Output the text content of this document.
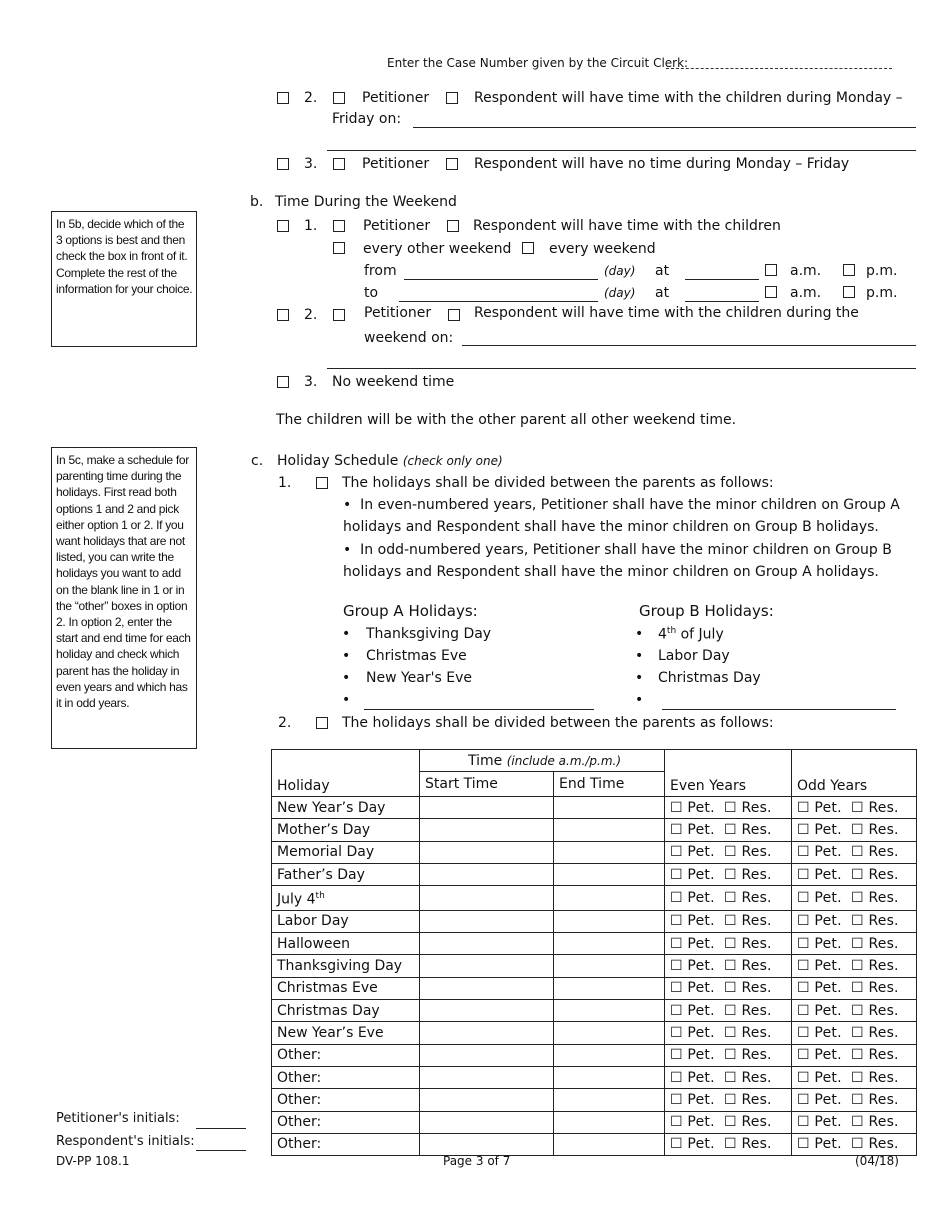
Enter the Case Number given by the Circuit Clerk:
2.	Petitioner	Respondent will have time with the children during Monday –
Friday on:
3.	Petitioner	Respondent will have no time during Monday – Friday
b. Time During the Weekend
In 5b, decide which of the 3 options is best and then check the box in front of it. Complete the rest of the information for your choice.
1.	Petitioner	Respondent will have time with the children
every other weekend	every weekend
from	(day) at	a.m.	p.m.
to	(day) at	a.m.	p.m.
2.	Petitioner	Respondent will have time with the children during the
weekend on:
3. No weekend time
The children will be with the other parent all other weekend time.
In 5c, make a schedule for parenting time during the holidays. First read both options 1 and 2 and pick either option 1 or 2. If you want holidays that are not listed, you can write the holidays you want to add on the blank line in 1 or in the “other” boxes in option 2. In option 2, enter the start and end time for each holiday and check which parent has the holiday in even years and which has it in odd years.
c. Holiday Schedule (check only one)
1.	The holidays shall be divided between the parents as follows:
• In even-numbered years, Petitioner shall have the minor children on Group A
holidays and Respondent shall have the minor children on Group B holidays.
• In odd-numbered years, Petitioner shall have the minor children on Group B
holidays and Respondent shall have the minor children on Group A holidays.
Group A Holidays:	Group B Holidays:
• Thanksgiving Day
• Christmas Eve
• New Year's Eve
•
• 4th of July
• Labor Day
• Christmas Day
•
2.	The holidays shall be divided between the parents as follows:
Holiday	Time (include a.m./p.m.)		Even Years	Odd Years
	Start Time	End Time		
New Year’s Day			☐ Pet. ☐ Res.	☐ Pet. ☐ Res.
Mother’s Day			☐ Pet. ☐ Res.	☐ Pet. ☐ Res.
Memorial Day			☐ Pet. ☐ Res.	☐ Pet. ☐ Res.
Father’s Day			☐ Pet. ☐ Res.	☐ Pet. ☐ Res.
July 4th			☐ Pet. ☐ Res.	☐ Pet. ☐ Res.
Labor Day			☐ Pet. ☐ Res.	☐ Pet. ☐ Res.
Halloween			☐ Pet. ☐ Res.	☐ Pet. ☐ Res.
Thanksgiving Day			☐ Pet. ☐ Res.	☐ Pet. ☐ Res.
Christmas Eve			☐ Pet. ☐ Res.	☐ Pet. ☐ Res.
Christmas Day			☐ Pet. ☐ Res.	☐ Pet. ☐ Res.
New Year’s Eve			☐ Pet. ☐ Res.	☐ Pet. ☐ Res.
Other:			☐ Pet. ☐ Res.	☐ Pet. ☐ Res.
Other:			☐ Pet. ☐ Res.	☐ Pet. ☐ Res.
Other:			☐ Pet. ☐ Res.	☐ Pet. ☐ Res.
Other:			☐ Pet. ☐ Res.	☐ Pet. ☐ Res.
Other:			☐ Pet. ☐ Res.	☐ Pet. ☐ Res.
Petitioner's initials:
Respondent's initials:
DV-PP 108.1	Page 3 of 7	(04/18)
